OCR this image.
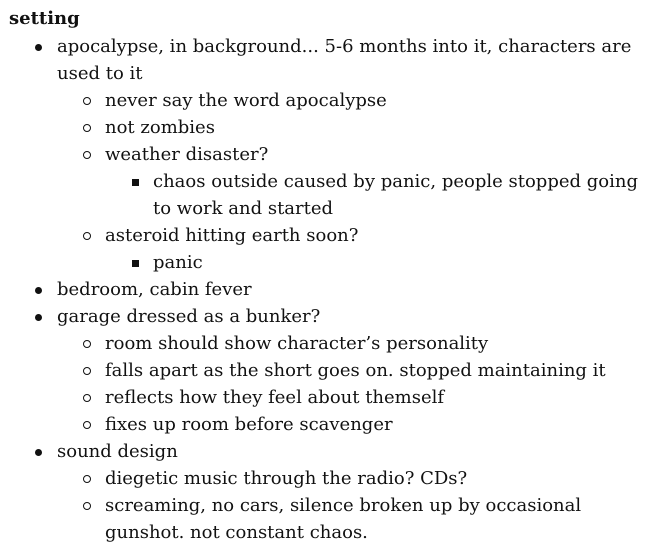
setting
apocalypse, in background... 5-6 months into it, characters are
used to it
never say the word apocalypse
not zombies
weather disaster?
chaos outside caused by panic, people stopped going
to work and started
asteroid hitting earth soon?
panic
bedroom, cabin fever
garage dressed as a bunker?
room should show character’s personality
falls apart as the short goes on. stopped maintaining it
reflects how they feel about themself
fixes up room before scavenger
sound design
diegetic music through the radio? CDs?
screaming, no cars, silence broken up by occasional
gunshot. not constant chaos.
